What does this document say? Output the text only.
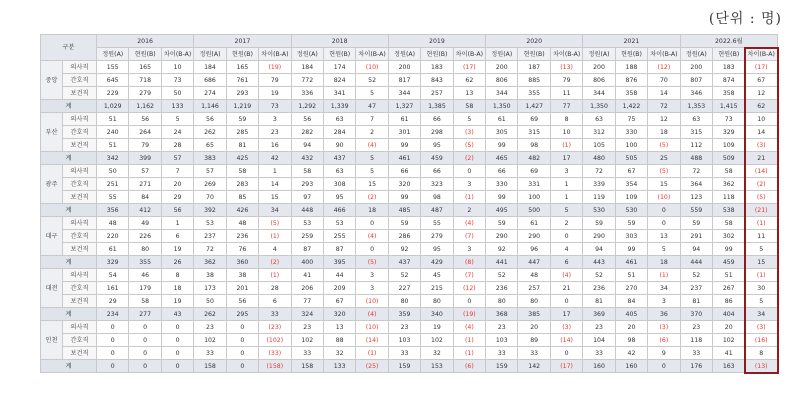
(단위 : 명)
구분		2016			2017			2018			2019			2020			2021			2022.6월		
		정원(A)	현원(B)	차이(B-A)	정원(A)	현원(B)	차이(B-A)	정원(A)	현원(B)	차이(B-A)	정원(A)	현원(B)	차이(B-A)	정원(A)	현원(B)	차이(B-A)	정원(A)	현원(B)	차이(B-A)	정원(A)	현원(B)	차이(B-A)
중앙	의사직	155	165	10	184	165	(19)	184	174	(10)	200	183	(17)	200	187	(13)	200	188	(12)	200	183	(17)
	간호직	645	718	73	686	761	79	772	824	52	817	843	62	806	885	79	806	876	70	807	874	67
	보건직	229	279	50	274	293	19	336	341	5	344	257	13	344	355	11	344	358	14	346	358	12
계		1,029	1,162	133	1,146	1,219	73	1,292	1,339	47	1,327	1,385	58	1,350	1,427	77	1,350	1,422	72	1,353	1,415	62
부산	의사직	51	56	5	56	59	3	56	63	7	61	66	5	61	69	8	63	75	12	63	73	10
	간호직	240	264	24	262	285	23	282	284	2	301	298	(3)	305	315	10	312	330	18	315	329	14
	보건직	51	79	28	65	81	16	94	90	(4)	99	95	(5)	99	98	(1)	105	100	(5)	112	109	(3)
계		342	399	57	383	425	42	432	437	5	461	459	(2)	465	482	17	480	505	25	488	509	21
광주	의사직	50	57	7	57	58	1	58	63	5	66	66	0	66	69	3	72	67	(5)	72	58	(14)
	간호직	251	271	20	269	283	14	293	308	15	320	323	3	330	331	1	339	354	15	364	362	(2)
	보건직	55	84	29	70	85	15	97	95	(2)	99	98	(1)	99	100	1	119	109	(10)	123	118	(5)
계		356	412	56	392	426	34	448	466	18	485	487	2	495	500	5	530	530	0	559	538	(21)
대구	의사직	48	49	1	53	48	(5)	53	53	0	59	55	(4)	59	61	2	59	59	0	59	58	(1)
	간호직	220	226	6	237	236	(1)	259	255	(4)	286	279	(7)	290	290	0	290	303	13	291	302	11
	보건직	61	80	19	72	76	4	87	87	0	92	95	3	92	96	4	94	99	5	94	99	5
계		329	355	26	362	360	(2)	400	395	(5)	437	429	(8)	441	447	6	443	461	18	444	459	15
대전	의사직	54	46	8	38	38	(1)	41	44	3	52	45	(7)	52	48	(4)	52	51	(1)	52	51	(1)
	간호직	161	179	18	173	201	28	206	209	3	227	215	(12)	236	257	21	236	270	34	237	267	30
	보건직	29	58	19	50	56	6	77	67	(10)	80	80	0	80	80	0	81	84	3	81	86	5
계		234	277	43	262	295	33	324	320	(4)	359	340	(19)	368	385	17	369	405	36	370	404	34
인천	의사직	0	0	0	23	0	(23)	23	13	(10)	23	19	(4)	23	20	(3)	23	20	(3)	23	20	(3)
	간호직	0	0	0	102	0	(102)	102	88	(14)	103	102	(1)	103	89	(14)	104	98	(6)	118	102	(16)
	보건직	0	0	0	33	0	(33)	33	32	(1)	33	32	(1)	33	33	0	33	42	9	33	41	8
계		0	0	0	158	0	(158)	158	133	(25)	159	153	(6)	159	142	(17)	160	160	0	176	163	(13)
